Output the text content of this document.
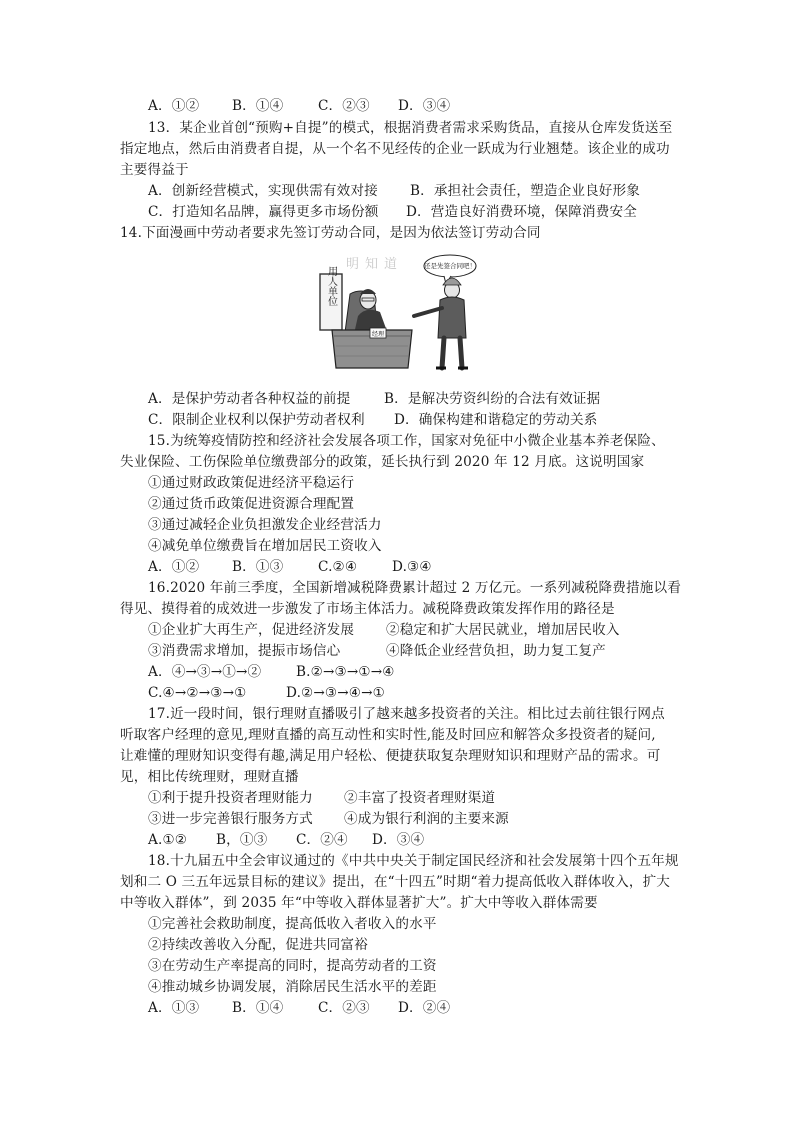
A．①② B．①④	C．②③ D．③④
13．某企业首创“预购+自提”的模式，根据消费者需求采购货品，直接从仓库发货送至
指定地点，然后由消费者自提，从一个名不见经传的企业一跃成为行业翘楚。该企业的成功
主要得益于
A．创新经营模式，实现供需有效对接 B．承担社会责任，塑造企业良好形象
C．打造知名品牌，赢得更多市场份额 D．营造良好消费环境，保障消费安全
14.下面漫画中劳动者要求先签订劳动合同，是因为依法签订劳动合同
明知道
用人单位
经理
还是先签合同吧！
A．是保护劳动者各种权益的前提 B．是解决劳资纠纷的合法有效证据
C．限制企业权利以保护劳动者权利 D．确保构建和谐稳定的劳动关系
15.为统筹疫情防控和经济社会发展各项工作，国家对免征中小微企业基本养老保险、
失业保险、工伤保险单位缴费部分的政策，延长执行到 2020 年 12 月底。这说明国家
①通过财政政策促进经济平稳运行
②通过货币政策促进资源合理配置
③通过减轻企业负担激发企业经营活力
④减免单位缴费旨在增加居民工资收入
A．①② B．①③	C.②④	D.③④
16.2020 年前三季度，全国新增减税降费累计超过 2 万亿元。一系列减税降费措施以看
得见、摸得着的成效进一步激发了市场主体活力。减税降费政策发挥作用的路径是
①企业扩大再生产，促进经济发展 ②稳定和扩大居民就业，增加居民收入
③消费需求增加，提振市场信心	④降低企业经营负担，助力复工复产
A．④→③→①→②	B.②→③→①→④
C.④→②→③→①	D.②→③→④→①
17.近一段时间，银行理财直播吸引了越来越多投资者的关注。相比过去前往银行网点
听取客户经理的意见,理财直播的高互动性和实时性,能及时回应和解答众多投资者的疑问,
让难懂的理财知识变得有趣,满足用户轻松、便捷获取复杂理财知识和理财产品的需求。可
见，相比传统理财，理财直播
①利于提升投资者理财能力 ②丰富了投资者理财渠道
③进一步完善银行服务方式 ④成为银行利润的主要来源
A.①② B，①③ C．②④ D．③④
18.十九届五中全会审议通过的《中共中央关于制定国民经济和社会发展第十四个五年规
划和二 O 三五年远景目标的建议》提出，在“十四五”时期“着力提高低收入群体收入，扩大
中等收入群体”，到 2035 年“中等收入群体显著扩大”。扩大中等收入群体需要
①完善社会救助制度，提高低收入者收入的水平
②持续改善收入分配，促进共同富裕
③在劳动生产率提高的同时，提高劳动者的工资
④推动城乡协调发展，消除居民生活水平的差距
A．①③ B．①④	C．②③ D．②④
